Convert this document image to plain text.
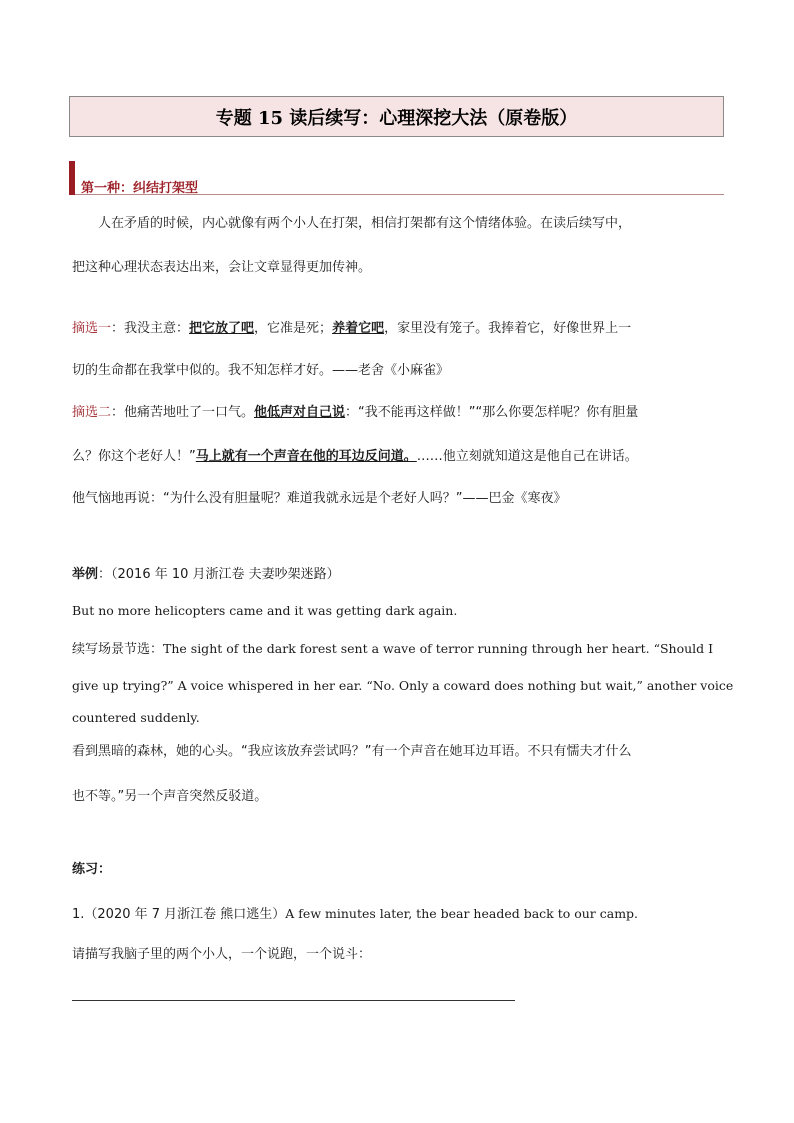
专题 15 读后续写：心理深挖大法（原卷版）
第一种：纠结打架型
人在矛盾的时候，内心就像有两个小人在打架，相信打架都有这个情绪体验。在读后续写中，
把这种心理状态表达出来，会让文章显得更加传神。
摘选一：我没主意：把它放了吧，它准是死；养着它吧，家里没有笼子。我捧着它，好像世界上一
切的生命都在我掌中似的。我不知怎样才好。——老舍《小麻雀》
摘选二：他痛苦地吐了一口气。他低声对自己说：“我不能再这样做！”“那么你要怎样呢？你有胆量
么？你这个老好人！”马上就有一个声音在他的耳边反问道。……他立刻就知道这是他自己在讲话。
他气恼地再说：“为什么没有胆量呢？难道我就永远是个老好人吗？”——巴金《寒夜》
举例：（2016 年 10 月浙江卷 夫妻吵架迷路）
But no more helicopters came and it was getting dark again.
续写场景节选：The sight of the dark forest sent a wave of terror running through her heart. “Should I
give up trying?” A voice whispered in her ear. “No. Only a coward does nothing but wait,” another voice
countered suddenly.
看到黑暗的森林，她的心头。“我应该放弃尝试吗？”有一个声音在她耳边耳语。不只有懦夫才什么
也不等。”另一个声音突然反驳道。
练习：
1.（2020 年 7 月浙江卷 熊口逃生）A few minutes later, the bear headed back to our camp.
请描写我脑子里的两个小人，一个说跑，一个说斗：
